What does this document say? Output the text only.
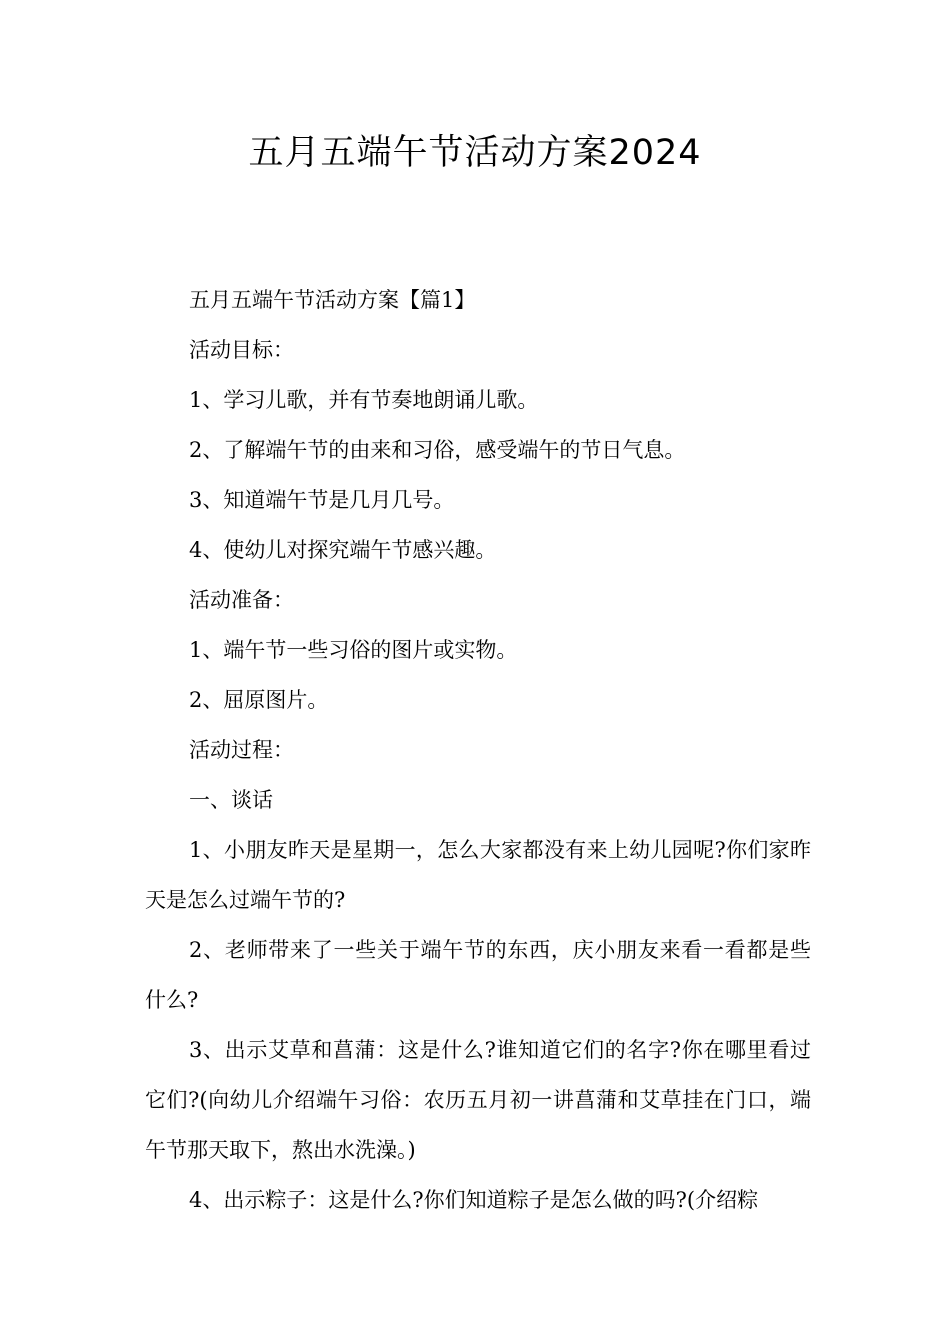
五月五端午节活动方案2024

五月五端午节活动方案【篇1】

活动目标：

1、学习儿歌，并有节奏地朗诵儿歌。

2、了解端午节的由来和习俗，感受端午的节日气息。

3、知道端午节是几月几号。

4、使幼儿对探究端午节感兴趣。

活动准备：

1、端午节一些习俗的图片或实物。

2、屈原图片。

活动过程：

一、谈话

1、小朋友昨天是星期一，怎么大家都没有来上幼儿园呢?你们家昨天是怎么过端午节的?

2、老师带来了一些关于端午节的东西，庆小朋友来看一看都是些什么?

3、出示艾草和菖蒲：这是什么?谁知道它们的名字?你在哪里看过它们?(向幼儿介绍端午习俗：农历五月初一讲菖蒲和艾草挂在门口，端午节那天取下，熬出水洗澡。)

4、出示粽子：这是什么?你们知道粽子是怎么做的吗?(介绍粽
